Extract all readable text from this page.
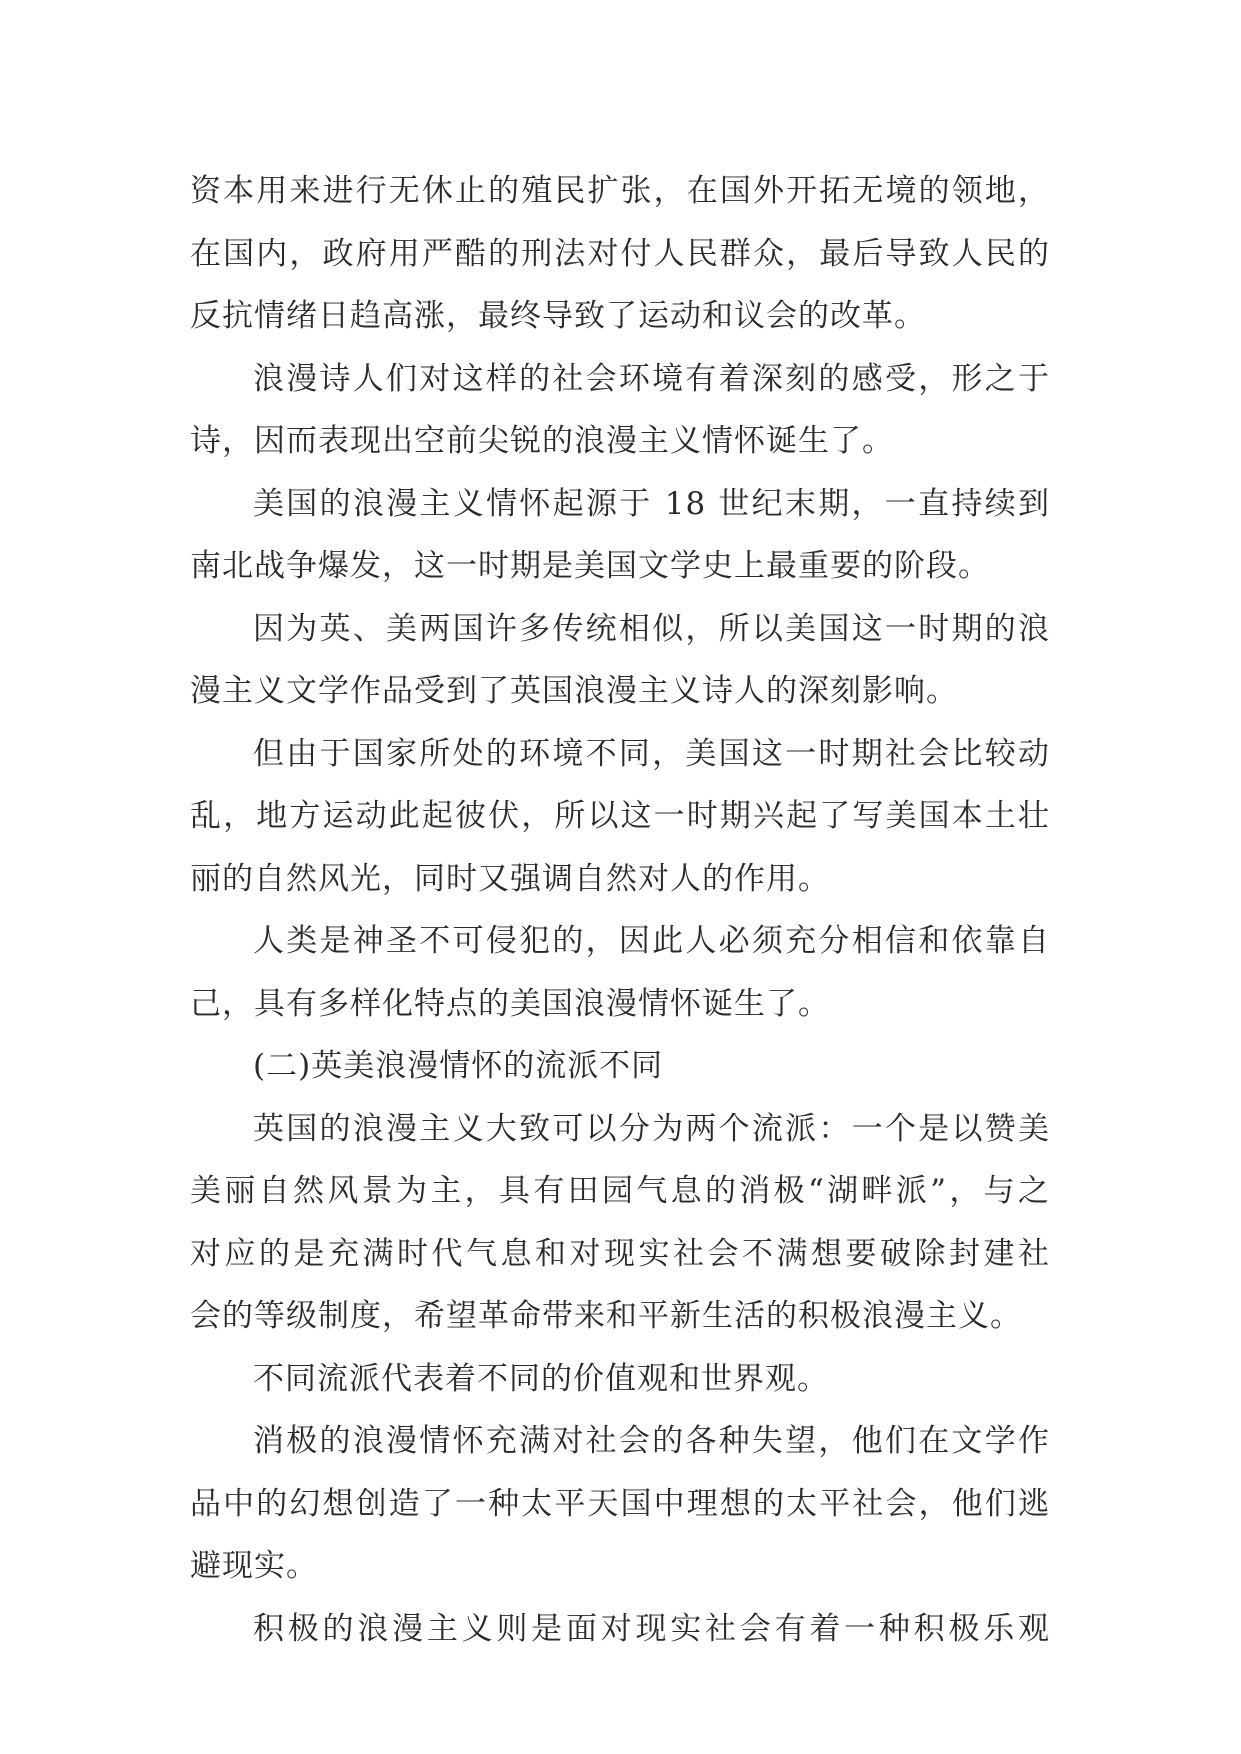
资本用来进行无休止的殖民扩张，在国外开拓无境的领地，
在国内，政府用严酷的刑法对付人民群众，最后导致人民的
反抗情绪日趋高涨，最终导致了运动和议会的改革。
浪漫诗人们对这样的社会环境有着深刻的感受，形之于
诗，因而表现出空前尖锐的浪漫主义情怀诞生了。
美国的浪漫主义情怀起源于 18 世纪末期，一直持续到
南北战争爆发，这一时期是美国文学史上最重要的阶段。
因为英、美两国许多传统相似，所以美国这一时期的浪
漫主义文学作品受到了英国浪漫主义诗人的深刻影响。
但由于国家所处的环境不同，美国这一时期社会比较动
乱，地方运动此起彼伏，所以这一时期兴起了写美国本土壮
丽的自然风光，同时又强调自然对人的作用。
人类是神圣不可侵犯的，因此人必须充分相信和依靠自
己，具有多样化特点的美国浪漫情怀诞生了。
(二)英美浪漫情怀的流派不同
英国的浪漫主义大致可以分为两个流派：一个是以赞美
美丽自然风景为主，具有田园气息的消极“湖畔派”，与之
对应的是充满时代气息和对现实社会不满想要破除封建社
会的等级制度，希望革命带来和平新生活的积极浪漫主义。
不同流派代表着不同的价值观和世界观。
消极的浪漫情怀充满对社会的各种失望，他们在文学作
品中的幻想创造了一种太平天国中理想的太平社会，他们逃
避现实。
积极的浪漫主义则是面对现实社会有着一种积极乐观
